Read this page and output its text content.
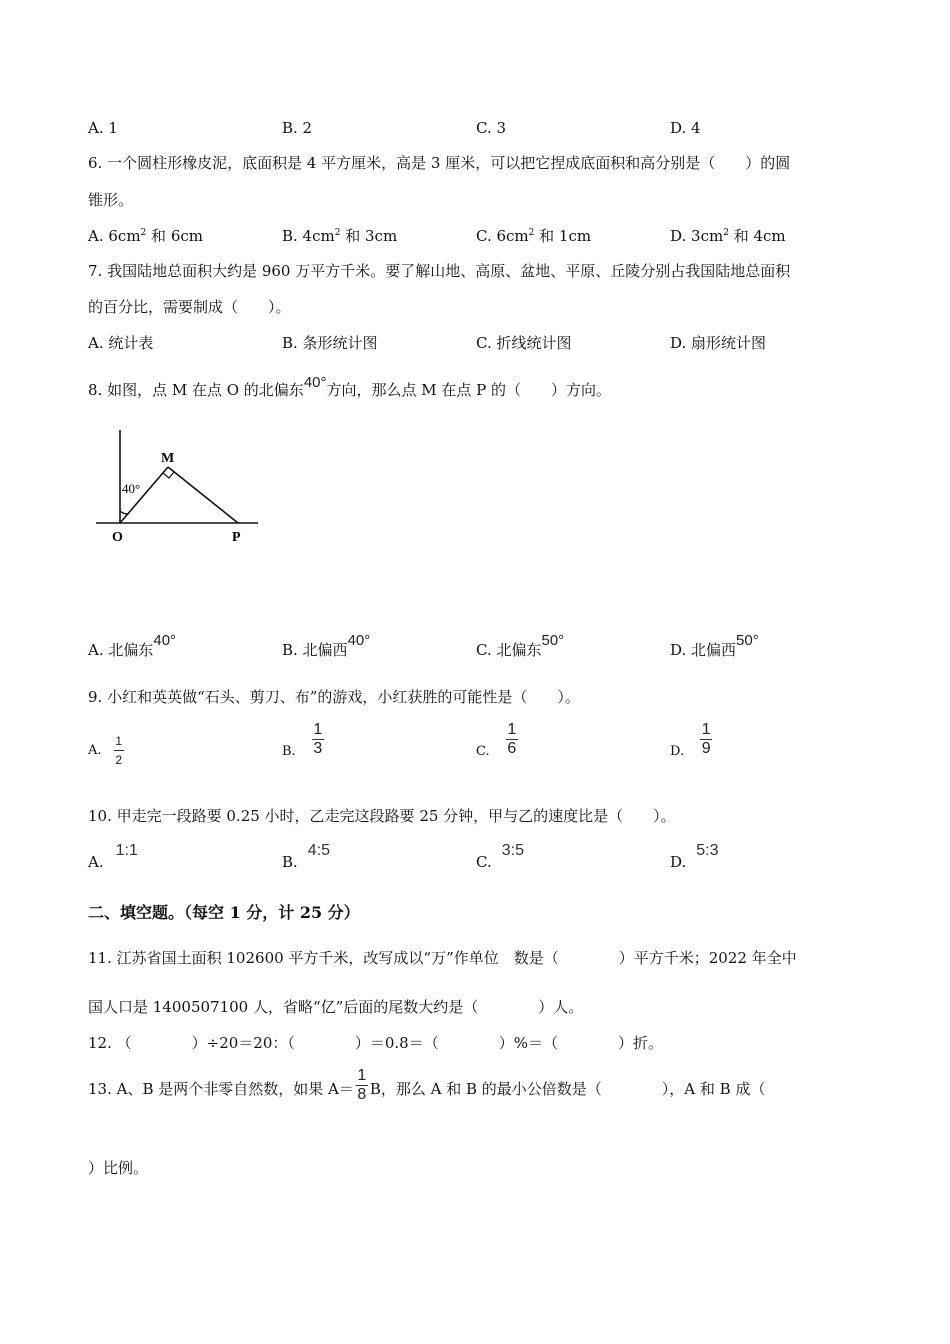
A. 1	B. 2	C. 3	D. 4
6. 一个圆柱形橡皮泥，底面积是 4 平方厘米，高是 3 厘米，可以把它捏成底面积和高分别是（　　）的圆
锥形。
A. $6cm^2$ 和 6cm	B. $4cm^2$ 和 3cm	C. $6cm^2$ 和 1cm	D. $3cm^2$ 和 4cm
7. 我国陆地总面积大约是 960 万平方千米。要了解山地、高原、盆地、平原、丘陵分别占我国陆地总面积
的百分比，需要制成（　　）。
A. 统计表	B. 条形统计图	C. 折线统计图	D. 扇形统计图
8. 如图，点 M 在点 O 的北偏东40°方向，那么点 M 在点 P 的（　　）方向。
40°
M
O	P
A. 北偏东40°
B. 北偏西40°
C. 北偏东50°
D. 北偏西50°
9. 小红和英英做“石头、剪刀、布”的游戏，小红获胜的可能性是（　　）。
A. $\frac{1}{2}$	B. $\frac{1}{3}$	C. $\frac{1}{6}$	D. $\frac{1}{9}$
10. 甲走完一段路要 0.25 小时，乙走完这段路要 25 分钟，甲与乙的速度比是（　　）。
A.1:1
B.4:5
C.3:5
D.5:3
二、填空题。（每空 1 分，计 25 分）
11. 江苏省国土面积 102600 平方千米，改写成以“万”作单位　数是（　　　　）平方千米；2022 年全中
国人口是 1400507100 人，省略“亿”后面的尾数大约是（　　　　）人。
12. （　　　　）÷20＝20：（　　　　）＝0.8＝（　　　　）%＝（　　　　）折。
13. A、B 是两个非零自然数，如果 $A= \frac{1}{8}$ B，那么 A 和 B 的最小公倍数是（　　　　），A 和 B 成（
）比例。
